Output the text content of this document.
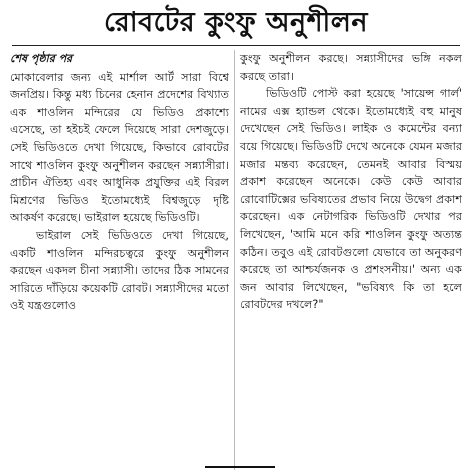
রোবটের কুংফু অনুশীলন
শেষ পৃষ্ঠার পর

মোকাবেলার জন্য এই মার্শাল আর্ট সারা বিশ্বে জনপ্রিয়। কিন্তু মধ্য চিনের হেনান প্রদেশের বিখ্যাত এক শাওলিন মন্দিরের যে ভিডিও প্রকাশ্যে এসেছে, তা হইচই ফেলে দিয়েছে সারা দেশজুড়ে। সেই ভিডিওতে দেখা গিয়েছে, কিভাবে রোবটের সাথে শাওলিন কুংফু অনুশীলন করছেন সন্ন্যাসীরা। প্রাচীন ঐতিহ্য এবং আধুনিক প্রযুক্তির এই বিরল মিশ্রণের ভিডিও ইতোমধ্যেই বিশ্বজুড়ে দৃষ্টি আকর্ষণ করেছে। ভাইরাল হয়েছে ভিডিওটি।

ভাইরাল সেই ভিডিওতে দেখা গিয়েছে, একটি শাওলিন মন্দিরচত্বরে কুংফু অনুশীলন করছেন একদল চীনা সন্ন্যাসী। তাদের ঠিক সামনের সারিতে দাঁড়িয়ে কয়েকটি রোবট। সন্ন্যাসীদের মতো ওই যন্ত্রগুলোও

কুংফু অনুশীলন করছে। সন্ন্যাসীদের ভঙ্গি নকল করছে তারা।

ভিডিওটি পোস্ট করা হয়েছে 'সায়েন্স গার্ল' নামের এক্স হ্যান্ডল থেকে। ইতোমধ্যেই বহু মানুষ দেখেছেন সেই ভিডিও। লাইক ও কমেন্টের বন্যা বয়ে গিয়েছে। ভিডিওটি দেখে অনেকে যেমন মজার মজার মন্তব্য করেছেন, তেমনই আবার বিস্ময় প্রকাশ করেছেন অনেকে। কেউ কেউ আবার রোবোটিক্সের ভবিষ্যতের প্রভাব নিয়ে উদ্বেগ প্রকাশ করেছেন। এক নেটাগরিক ভিডিওটি দেখার পর লিখেছেন, 'আমি মনে করি শাওলিন কুংফু অত্যন্ত কঠিন। তবুও এই রোবটগুলো যেভাবে তা অনুকরণ করেছে তা আশ্চর্যজনক ও প্রশংসনীয়।' অন্য এক জন আবার লিখেছেন, "ভবিষ্যৎ কি তা হলে রোবটদের দখলে?"
